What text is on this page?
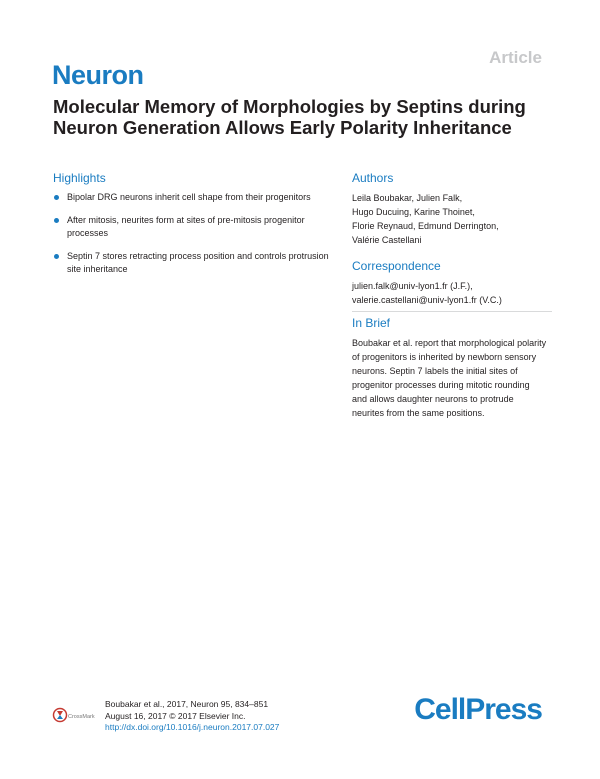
Article
Neuron
Molecular Memory of Morphologies by Septins during Neuron Generation Allows Early Polarity Inheritance
Highlights
Bipolar DRG neurons inherit cell shape from their progenitors
After mitosis, neurites form at sites of pre-mitosis progenitor processes
Septin 7 stores retracting process position and controls protrusion site inheritance
Authors

Leila Boubakar, Julien Falk,

Hugo Ducuing, Karine Thoinet,

Florie Reynaud, Edmund Derrington,

Valérie Castellani

Correspondence

julien.falk@univ-lyon1.fr (J.F.),

valerie.castellani@univ-lyon1.fr (V.C.)

In Brief

Boubakar et al. report that morphological polarity of progenitors is inherited by newborn sensory neurons. Septin 7 labels the initial sites of progenitor processes during mitotic rounding and allows daughter neurons to protrude neurites from the same positions.

CrossMark
Boubakar et al., 2017, Neuron 95, 834–851
August 16, 2017 © 2017 Elsevier Inc.
http://dx.doi.org/10.1016/j.neuron.2017.07.027
CellPress
